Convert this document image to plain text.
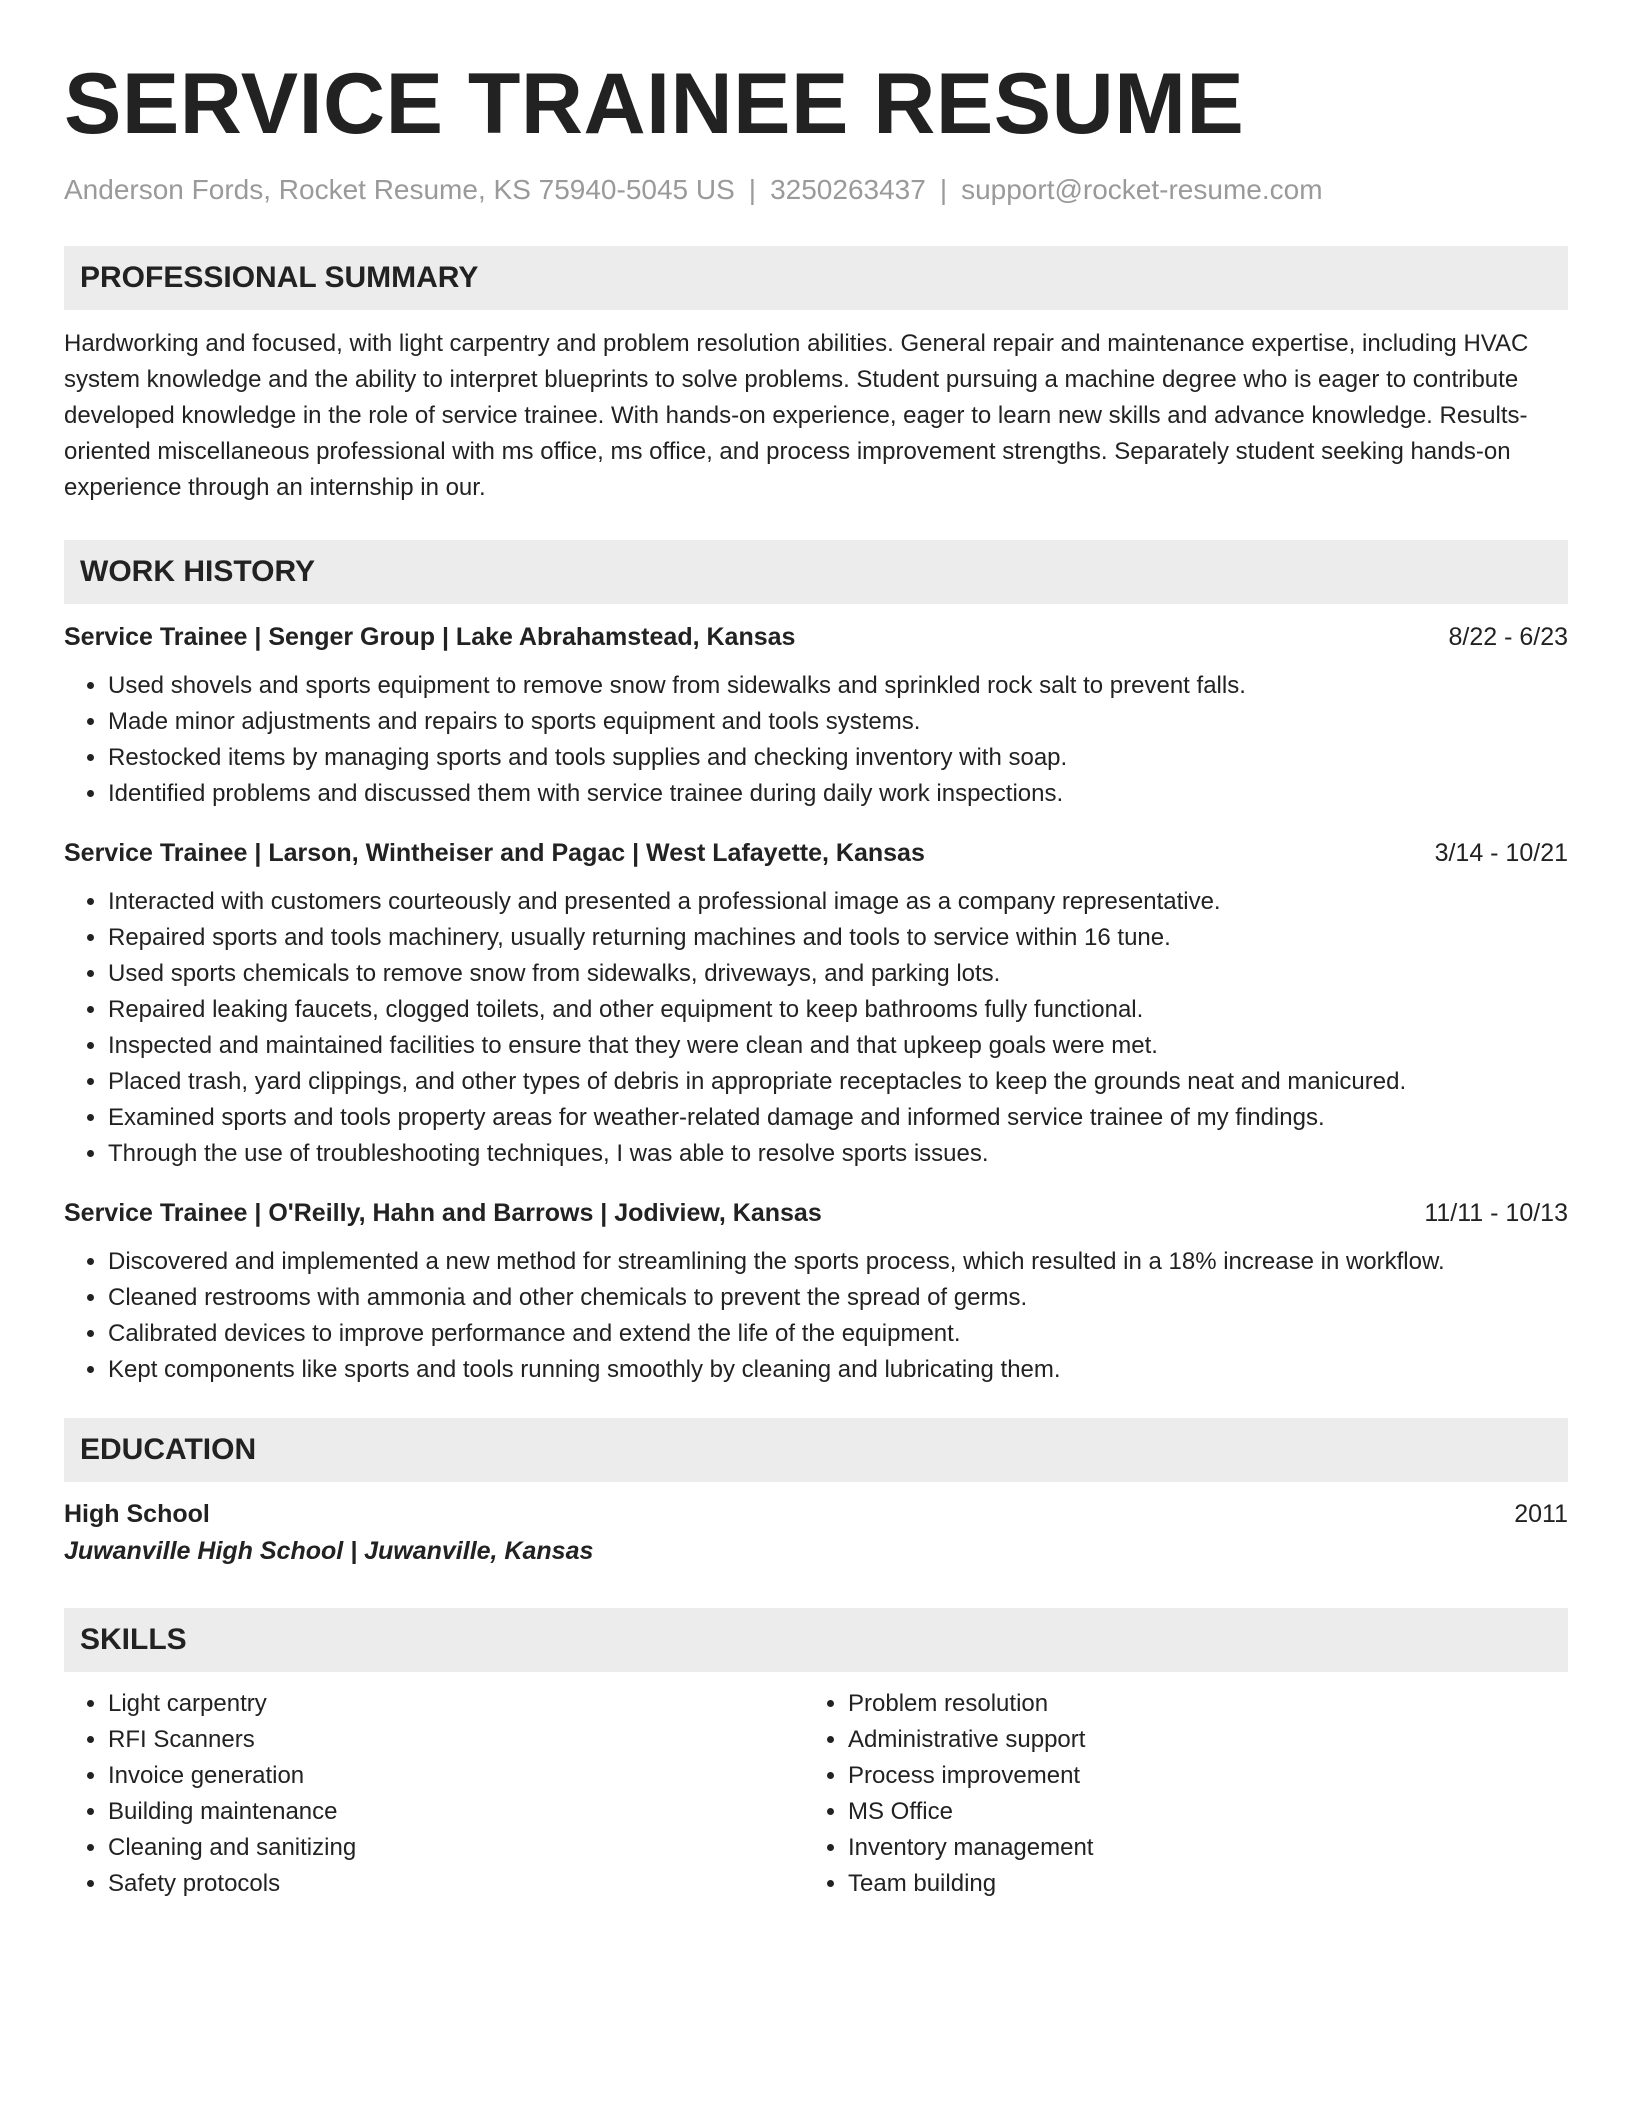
SERVICE TRAINEE RESUME
Anderson Fords, Rocket Resume, KS 75940-5045 US | 3250263437 | support@rocket-resume.com
PROFESSIONAL SUMMARY

Hardworking and focused, with light carpentry and problem resolution abilities. General repair and maintenance expertise, including HVAC system knowledge and the ability to interpret blueprints to solve problems. Student pursuing a machine degree who is eager to contribute developed knowledge in the role of service trainee. With hands-on experience, eager to learn new skills and advance knowledge. Results-oriented miscellaneous professional with ms office, ms office, and process improvement strengths. Separately student seeking hands-on experience through an internship in our.

WORK HISTORY
Service Trainee | Senger Group | Lake Abrahamstead, Kansas	8/22 - 6/23
• Used shovels and sports equipment to remove snow from sidewalks and sprinkled rock salt to prevent falls.
• Made minor adjustments and repairs to sports equipment and tools systems.
• Restocked items by managing sports and tools supplies and checking inventory with soap.
• Identified problems and discussed them with service trainee during daily work inspections.
Service Trainee | Larson, Wintheiser and Pagac | West Lafayette, Kansas	3/14 - 10/21
• Interacted with customers courteously and presented a professional image as a company representative.
• Repaired sports and tools machinery, usually returning machines and tools to service within 16 tune.
• Used sports chemicals to remove snow from sidewalks, driveways, and parking lots.
• Repaired leaking faucets, clogged toilets, and other equipment to keep bathrooms fully functional.
• Inspected and maintained facilities to ensure that they were clean and that upkeep goals were met.
• Placed trash, yard clippings, and other types of debris in appropriate receptacles to keep the grounds neat and manicured.
• Examined sports and tools property areas for weather-related damage and informed service trainee of my findings.
• Through the use of troubleshooting techniques, I was able to resolve sports issues.
Service Trainee | O'Reilly, Hahn and Barrows | Jodiview, Kansas	11/11 - 10/13
• Discovered and implemented a new method for streamlining the sports process, which resulted in a 18% increase in workflow.
• Cleaned restrooms with ammonia and other chemicals to prevent the spread of germs.
• Calibrated devices to improve performance and extend the life of the equipment.
• Kept components like sports and tools running smoothly by cleaning and lubricating them.
EDUCATION
High School	2011
Juwanville High School | Juwanville, Kansas
SKILLS
• Light carpentry
• RFI Scanners
• Invoice generation
• Building maintenance
• Cleaning and sanitizing
• Safety protocols
• Problem resolution
• Administrative support
• Process improvement
• MS Office
• Inventory management
• Team building
